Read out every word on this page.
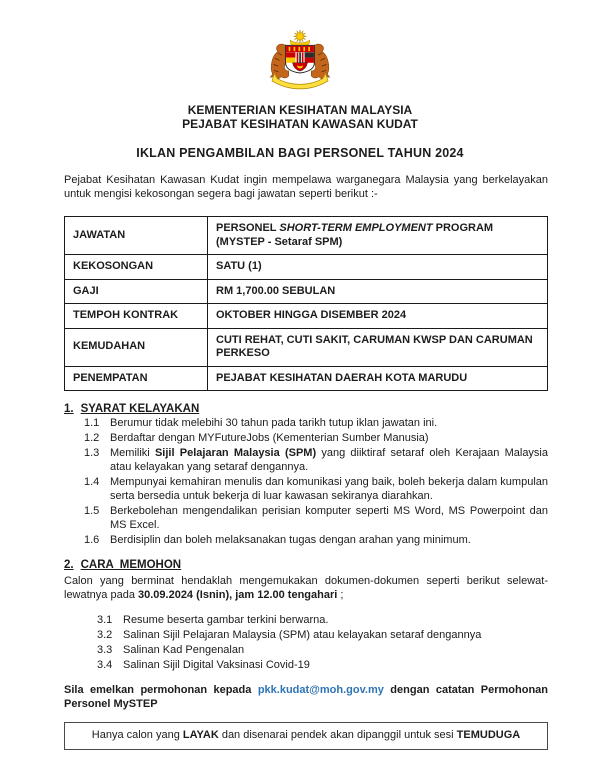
KEMENTERIAN KESIHATAN MALAYSIA
PEJABAT KESIHATAN KAWASAN KUDAT
IKLAN PENGAMBILAN BAGI PERSONEL TAHUN 2024

Pejabat Kesihatan Kawasan Kudat ingin mempelawa warganegara Malaysia yang berkelayakan untuk mengisi kekosongan segera bagi jawatan seperti berikut :-

JAWATAN	PERSONEL SHORT-TERM EMPLOYMENT PROGRAM
(MYSTEP - Setaraf SPM)
KEKOSONGAN	SATU (1)
GAJI	RM 1,700.00 SEBULAN
TEMPOH KONTRAK	OKTOBER HINGGA DISEMBER 2024
KEMUDAHAN	CUTI REHAT, CUTI SAKIT, CARUMAN KWSP DAN CARUMAN PERKESO
PENEMPATAN	PEJABAT KESIHATAN DAERAH KOTA MARUDU
1. SYARAT KELAYAKAN
1.1 Berumur tidak melebihi 30 tahun pada tarikh tutup iklan jawatan ini.
1.2 Berdaftar dengan MYFutureJobs (Kementerian Sumber Manusia)
1.3 Memiliki Sijil Pelajaran Malaysia (SPM) yang diiktiraf setaraf oleh Kerajaan Malaysia atau kelayakan yang setaraf dengannya.
1.4 Mempunyai kemahiran menulis dan komunikasi yang baik, boleh bekerja dalam kumpulan serta bersedia untuk bekerja di luar kawasan sekiranya diarahkan.
1.5 Berkebolehan mengendalikan perisian komputer seperti MS Word, MS Powerpoint dan MS Excel.
1.6 Berdisiplin dan boleh melaksanakan tugas dengan arahan yang minimum.
2. CARA  MEMOHON

Calon yang berminat hendaklah mengemukakan dokumen-dokumen seperti berikut selewat-lewatnya pada 30.09.2024 (Isnin), jam 12.00 tengahari ;

3.1 Resume beserta gambar terkini berwarna.
3.2 Salinan Sijil Pelajaran Malaysia (SPM) atau kelayakan setaraf dengannya
3.3 Salinan Kad Pengenalan
3.4 Salinan Sijil Digital Vaksinasi Covid-19

Sila emelkan permohonan kepada pkk.kudat@moh.gov.my dengan catatan Permohonan Personel MySTEP

Hanya calon yang LAYAK dan disenarai pendek akan dipanggil untuk sesi TEMUDUGA
